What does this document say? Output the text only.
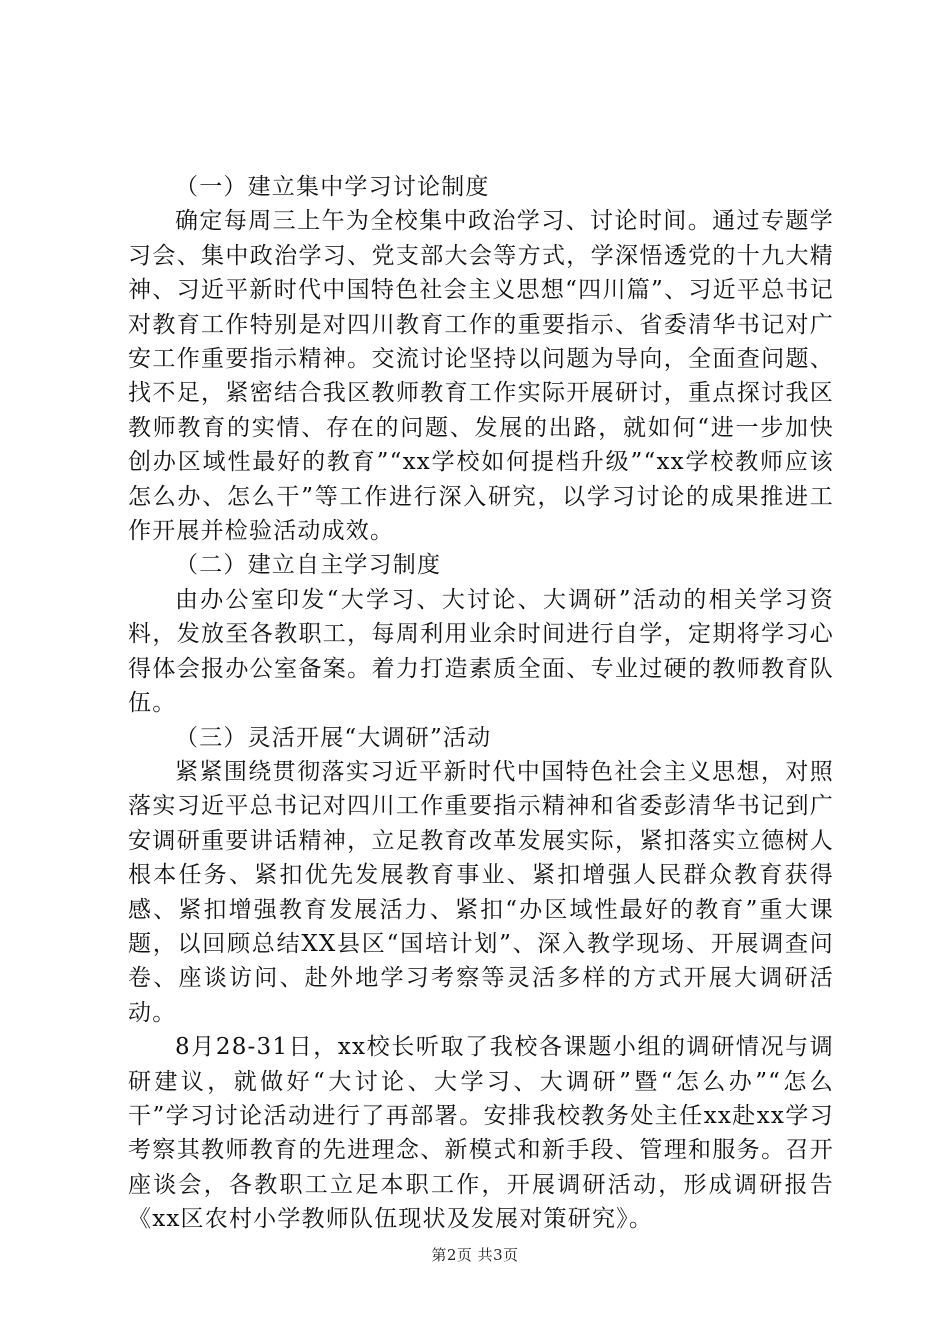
（一）建立集中学习讨论制度

确定每周三上午为全校集中政治学习、讨论时间。通过专题学习会、集中政治学习、党支部大会等方式，学深悟透党的十九大精神、习近平新时代中国特色社会主义思想“四川篇”、习近平总书记对教育工作特别是对四川教育工作的重要指示、省委清华书记对广安工作重要指示精神。交流讨论坚持以问题为导向，全面查问题、找不足，紧密结合我区教师教育工作实际开展研讨，重点探讨我区教师教育的实情、存在的问题、发展的出路，就如何“进一步加快创办区域性最好的教育”“xx学校如何提档升级”“xx学校教师应该怎么办、怎么干”等工作进行深入研究，以学习讨论的成果推进工作开展并检验活动成效。

（二）建立自主学习制度

由办公室印发“大学习、大讨论、大调研”活动的相关学习资料，发放至各教职工，每周利用业余时间进行自学，定期将学习心得体会报办公室备案。着力打造素质全面、专业过硬的教师教育队伍。

（三）灵活开展“大调研”活动

紧紧围绕贯彻落实习近平新时代中国特色社会主义思想，对照落实习近平总书记对四川工作重要指示精神和省委彭清华书记到广安调研重要讲话精神，立足教育改革发展实际，紧扣落实立德树人根本任务、紧扣优先发展教育事业、紧扣增强人民群众教育获得感、紧扣增强教育发展活力、紧扣“办区域性最好的教育”重大课题，以回顾总结XX县区“国培计划”、深入教学现场、开展调查问卷、座谈访问、赴外地学习考察等灵活多样的方式开展大调研活动。

8月28-31日，xx校长听取了我校各课题小组的调研情况与调研建议，就做好“大讨论、大学习、大调研”暨“怎么办”“怎么干”学习讨论活动进行了再部署。安排我校教务处主任xx赴xx学习考察其教师教育的先进理念、新模式和新手段、管理和服务。召开座谈会，各教职工立足本职工作，开展调研活动，形成调研报告《xx区农村小学教师队伍现状及发展对策研究》。

第2页 共3页
